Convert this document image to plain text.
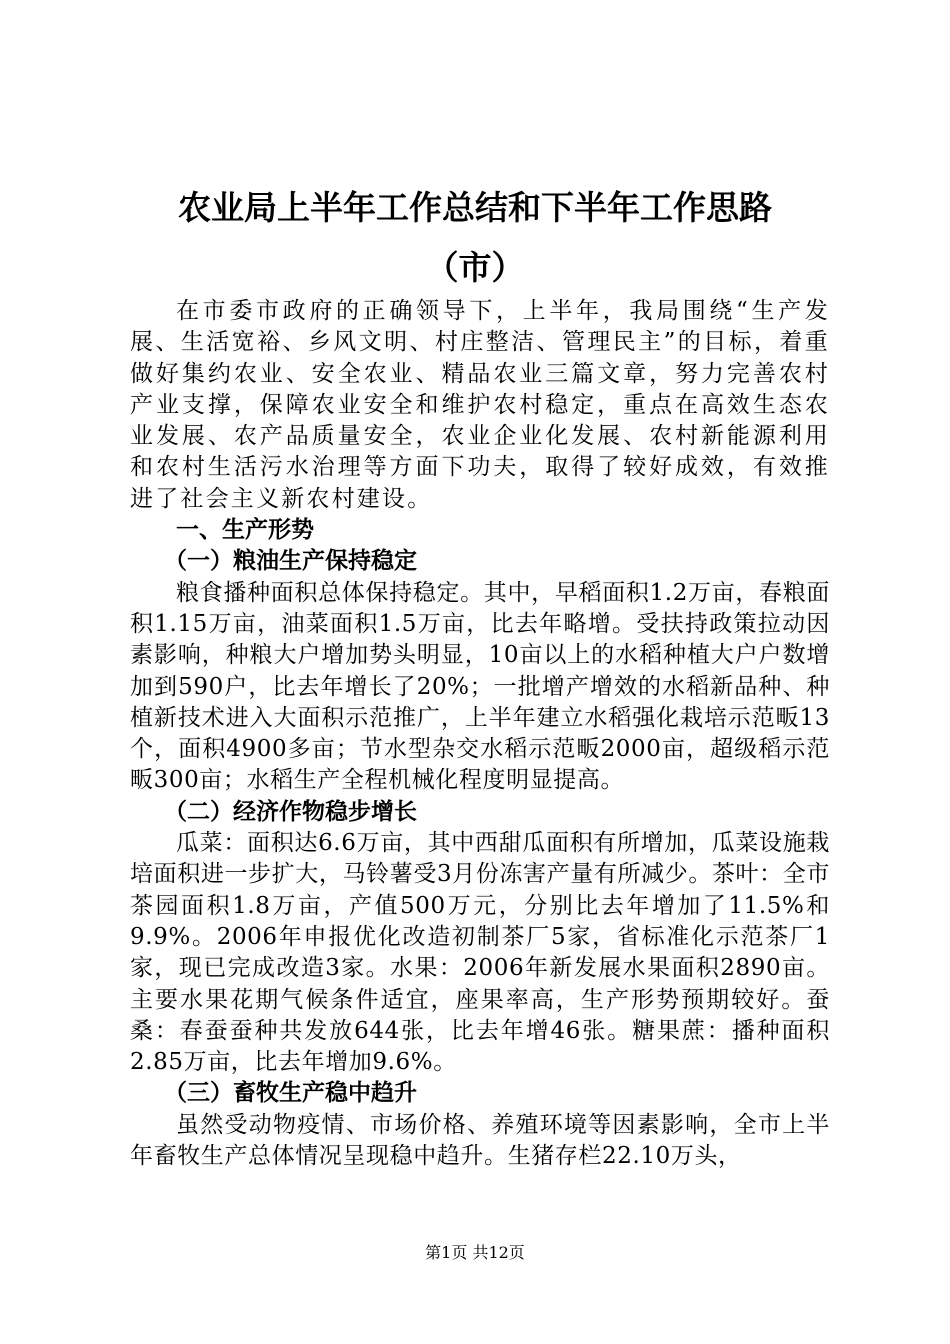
农业局上半年工作总结和下半年工作思路
（市）

在市委市政府的正确领导下，上半年，我局围绕“生产发展、生活宽裕、乡风文明、村庄整洁、管理民主”的目标，着重做好集约农业、安全农业、精品农业三篇文章，努力完善农村产业支撑，保障农业安全和维护农村稳定，重点在高效生态农业发展、农产品质量安全，农业企业化发展、农村新能源利用和农村生活污水治理等方面下功夫，取得了较好成效，有效推进了社会主义新农村建设。

一、生产形势

（一）粮油生产保持稳定

粮食播种面积总体保持稳定。其中，早稻面积1.2万亩，春粮面积1.15万亩，油菜面积1.5万亩，比去年略增。受扶持政策拉动因素影响，种粮大户增加势头明显，10亩以上的水稻种植大户户数增加到590户，比去年增长了20%；一批增产增效的水稻新品种、种植新技术进入大面积示范推广，上半年建立水稻强化栽培示范畈13个，面积4900多亩；节水型杂交水稻示范畈2000亩，超级稻示范畈300亩；水稻生产全程机械化程度明显提高。

（二）经济作物稳步增长

瓜菜：面积达6.6万亩，其中西甜瓜面积有所增加，瓜菜设施栽培面积进一步扩大，马铃薯受3月份冻害产量有所减少。茶叶：全市茶园面积1.8万亩，产值500万元，分别比去年增加了11.5%和9.9%。2006年申报优化改造初制茶厂5家，省标准化示范茶厂1家，现已完成改造3家。水果：2006年新发展水果面积2890亩。主要水果花期气候条件适宜，座果率高，生产形势预期较好。蚕桑：春蚕蚕种共发放644张，比去年增46张。糖果蔗：播种面积2.85万亩，比去年增加9.6%。

（三）畜牧生产稳中趋升

虽然受动物疫情、市场价格、养殖环境等因素影响，全市上半年畜牧生产总体情况呈现稳中趋升。生猪存栏22.10万头，

第1页 共12页
